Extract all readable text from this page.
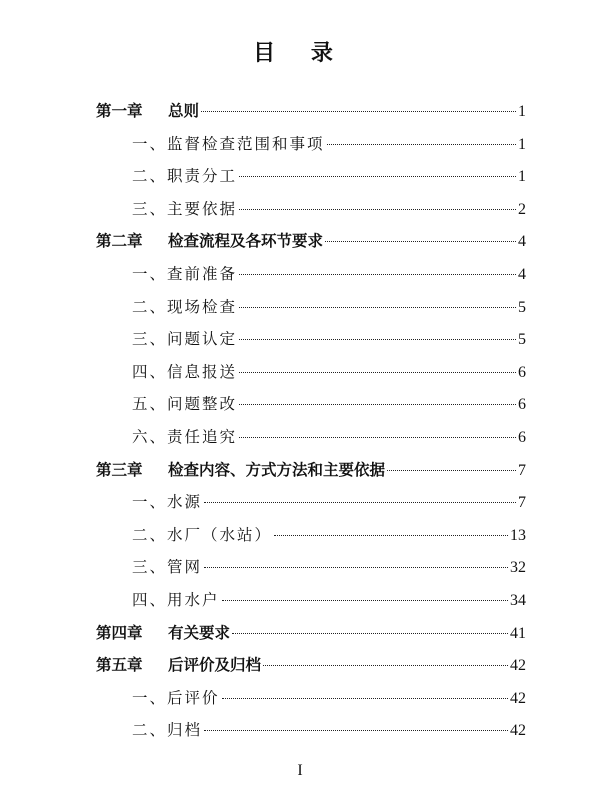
目 录
第一章 总则	1
一、监督检查范围和事项	1
二、职责分工	1
三、主要依据	2
第二章 检查流程及各环节要求	4
一、查前准备	4
二、现场检查	5
三、问题认定	5
四、信息报送	6
五、问题整改	6
六、责任追究	6
第三章 检查内容、方式方法和主要依据	7
一、水源	7
二、水厂（水站）	13
三、管网	32
四、用水户	34
第四章 有关要求	41
第五章 后评价及归档	42
一、后评价	42
二、归档	42
I
